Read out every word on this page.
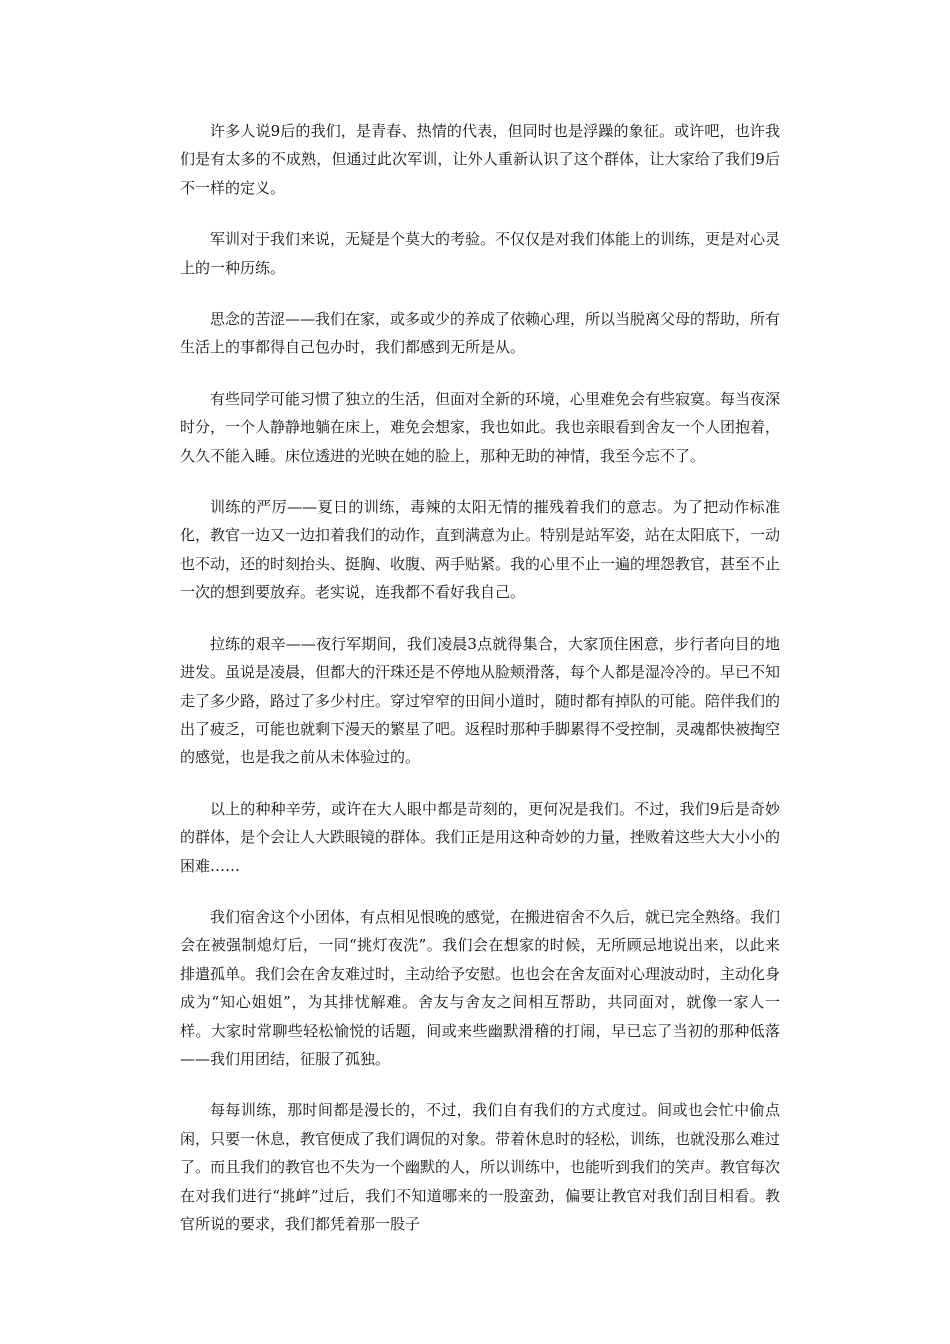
许多人说9后的我们，是青春、热情的代表，但同时也是浮躁的象征。或许吧，也许我们是有太多的不成熟，但通过此次军训，让外人重新认识了这个群体，让大家给了我们9后不一样的定义。

军训对于我们来说，无疑是个莫大的考验。不仅仅是对我们体能上的训练，更是对心灵上的一种历练。

思念的苦涩——我们在家，或多或少的养成了依赖心理，所以当脱离父母的帮助，所有生活上的事都得自己包办时，我们都感到无所是从。

有些同学可能习惯了独立的生活，但面对全新的环境，心里难免会有些寂寞。每当夜深时分，一个人静静地躺在床上，难免会想家，我也如此。我也亲眼看到舍友一个人团抱着，久久不能入睡。床位透进的光映在她的脸上，那种无助的神情，我至今忘不了。

训练的严厉——夏日的训练，毒辣的太阳无情的摧残着我们的意志。为了把动作标准化，教官一边又一边扣着我们的动作，直到满意为止。特别是站军姿，站在太阳底下，一动也不动，还的时刻抬头、挺胸、收腹、两手贴紧。我的心里不止一遍的埋怨教官，甚至不止一次的想到要放弃。老实说，连我都不看好我自己。

拉练的艰辛——夜行军期间，我们凌晨3点就得集合，大家顶住困意，步行者向目的地进发。虽说是凌晨，但都大的汗珠还是不停地从脸颊滑落，每个人都是湿冷冷的。早已不知走了多少路，路过了多少村庄。穿过窄窄的田间小道时，随时都有掉队的可能。陪伴我们的出了疲乏，可能也就剩下漫天的繁星了吧。返程时那种手脚累得不受控制，灵魂都快被掏空的感觉，也是我之前从未体验过的。

以上的种种辛劳，或许在大人眼中都是苛刻的，更何况是我们。不过，我们9后是奇妙的群体，是个会让人大跌眼镜的群体。我们正是用这种奇妙的力量，挫败着这些大大小小的困难……

我们宿舍这个小团体，有点相见恨晚的感觉，在搬进宿舍不久后，就已完全熟络。我们会在被强制熄灯后，一同“挑灯夜洗”。我们会在想家的时候，无所顾忌地说出来，以此来排遣孤单。我们会在舍友难过时，主动给予安慰。也也会在舍友面对心理波动时，主动化身成为“知心姐姐”，为其排忧解难。舍友与舍友之间相互帮助，共同面对，就像一家人一样。大家时常聊些轻松愉悦的话题，间或来些幽默滑稽的打闹，早已忘了当初的那种低落——我们用团结，征服了孤独。

每每训练，那时间都是漫长的，不过，我们自有我们的方式度过。间或也会忙中偷点闲，只要一休息，教官便成了我们调侃的对象。带着休息时的轻松，训练，也就没那么难过了。而且我们的教官也不失为一个幽默的人，所以训练中，也能听到我们的笑声。教官每次在对我们进行“挑衅”过后，我们不知道哪来的一股蛮劲，偏要让教官对我们刮目相看。教官所说的要求，我们都凭着那一股子
